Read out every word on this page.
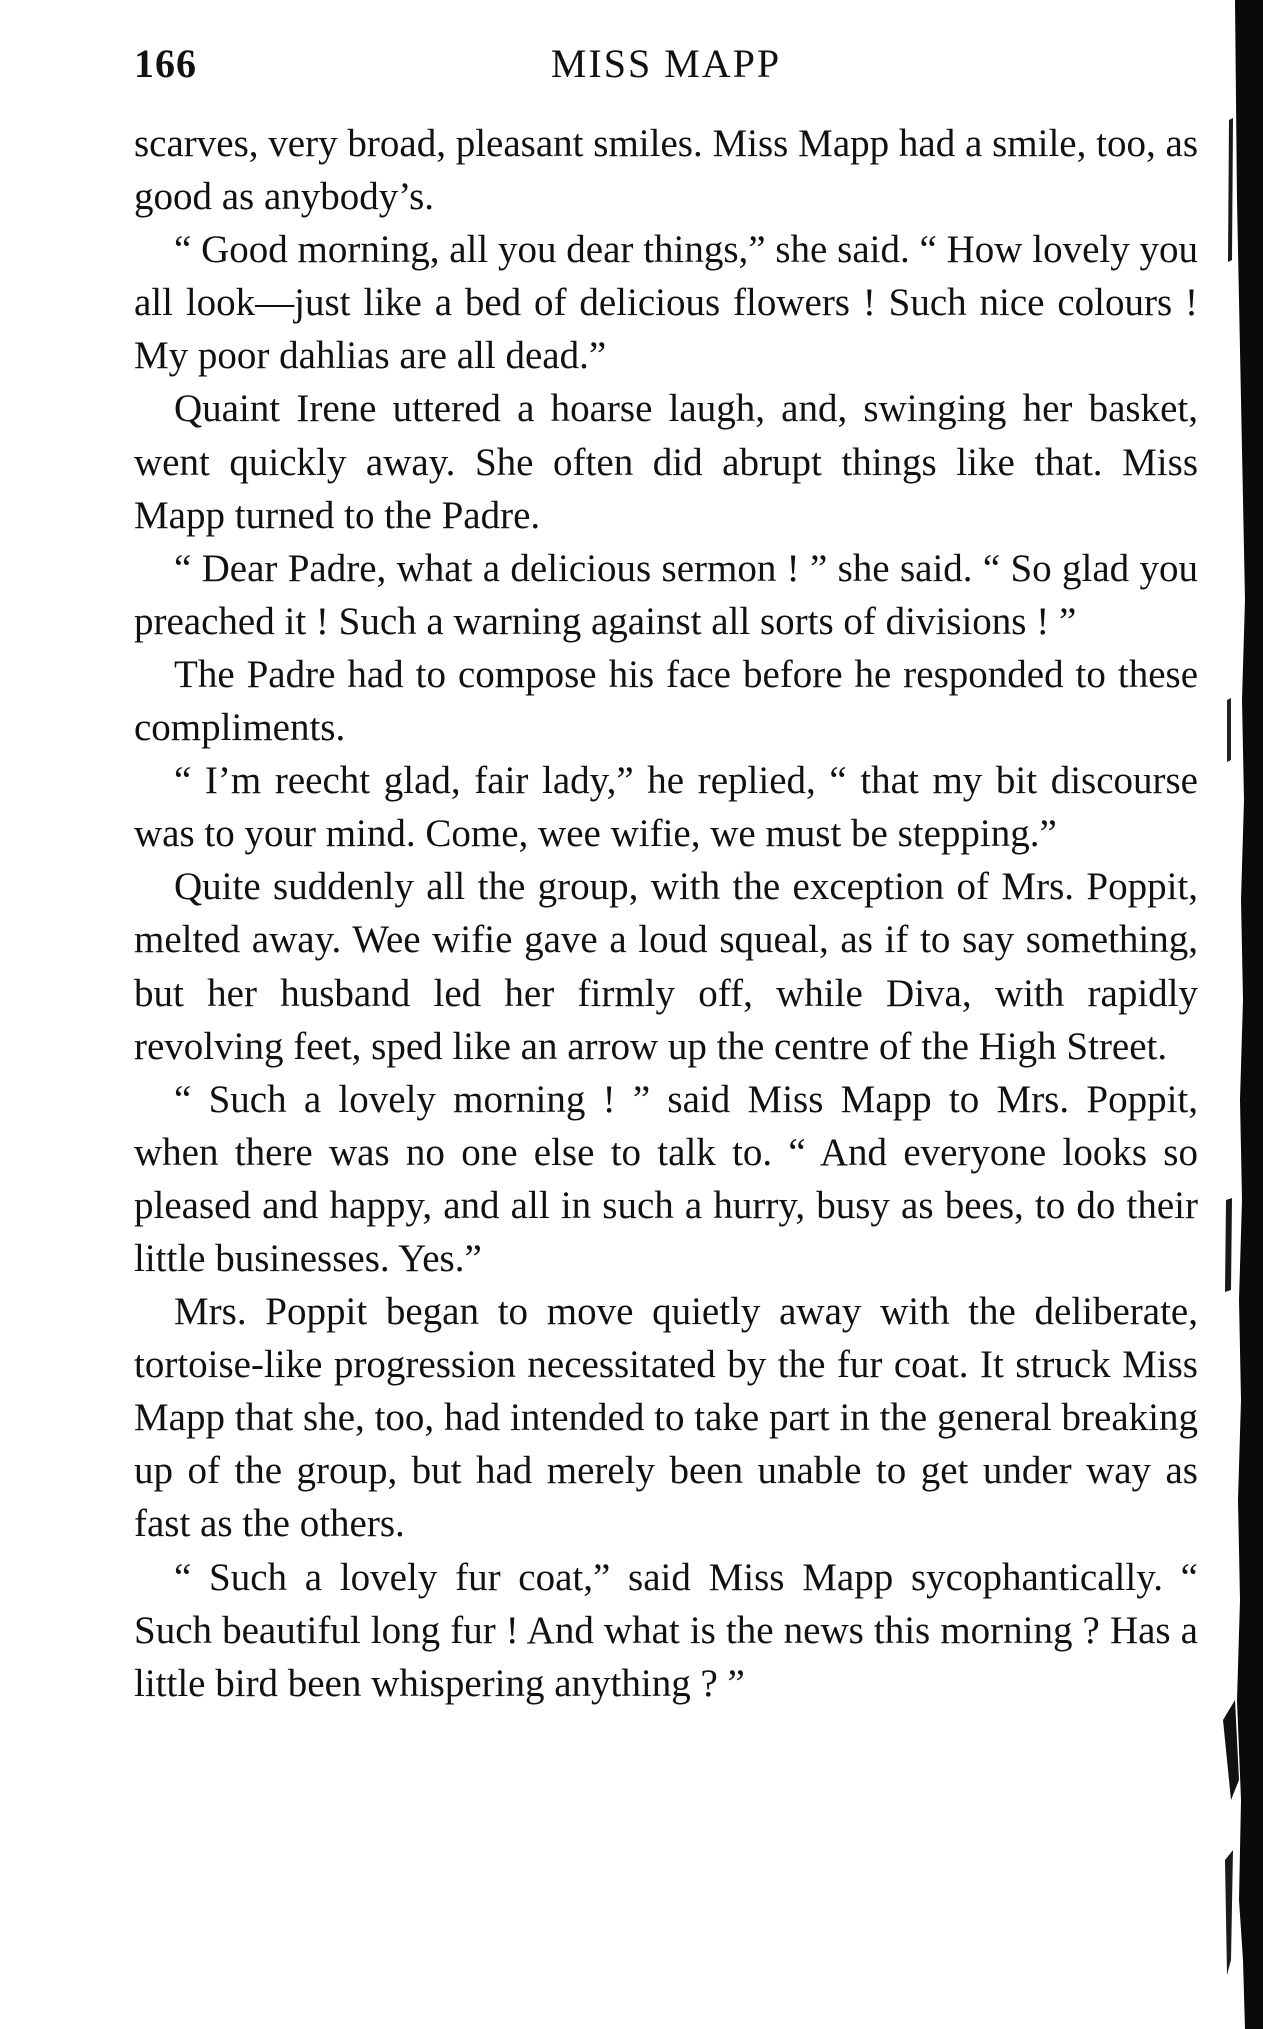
166	MISS MAPP

scarves, very broad, pleasant smiles. Miss Mapp had a smile, too, as good as anybody’s.

“ Good morning, all you dear things,” she said. “ How lovely you all look—just like a bed of delicious flowers ! Such nice colours ! My poor dahlias are all dead.”

Quaint Irene uttered a hoarse laugh, and, swinging her basket, went quickly away. She often did abrupt things like that. Miss Mapp turned to the Padre.

“ Dear Padre, what a delicious sermon ! ” she said. “ So glad you preached it ! Such a warning against all sorts of divisions ! ”

The Padre had to compose his face before he responded to these compliments.

“ I’m reecht glad, fair lady,” he replied, “ that my bit discourse was to your mind. Come, wee wifie, we must be stepping.”

Quite suddenly all the group, with the exception of Mrs. Poppit, melted away. Wee wifie gave a loud squeal, as if to say something, but her husband led her firmly off, while Diva, with rapidly revolving feet, sped like an arrow up the centre of the High Street.

“ Such a lovely morning ! ” said Miss Mapp to Mrs. Poppit, when there was no one else to talk to. “ And everyone looks so pleased and happy, and all in such a hurry, busy as bees, to do their little businesses. Yes.”

Mrs. Poppit began to move quietly away with the deliberate, tortoise-like progression necessitated by the fur coat. It struck Miss Mapp that she, too, had intended to take part in the general breaking up of the group, but had merely been unable to get under way as fast as the others.

“ Such a lovely fur coat,” said Miss Mapp sycophantically. “ Such beautiful long fur ! And what is the news this morning ? Has a little bird been whispering anything ? ”
